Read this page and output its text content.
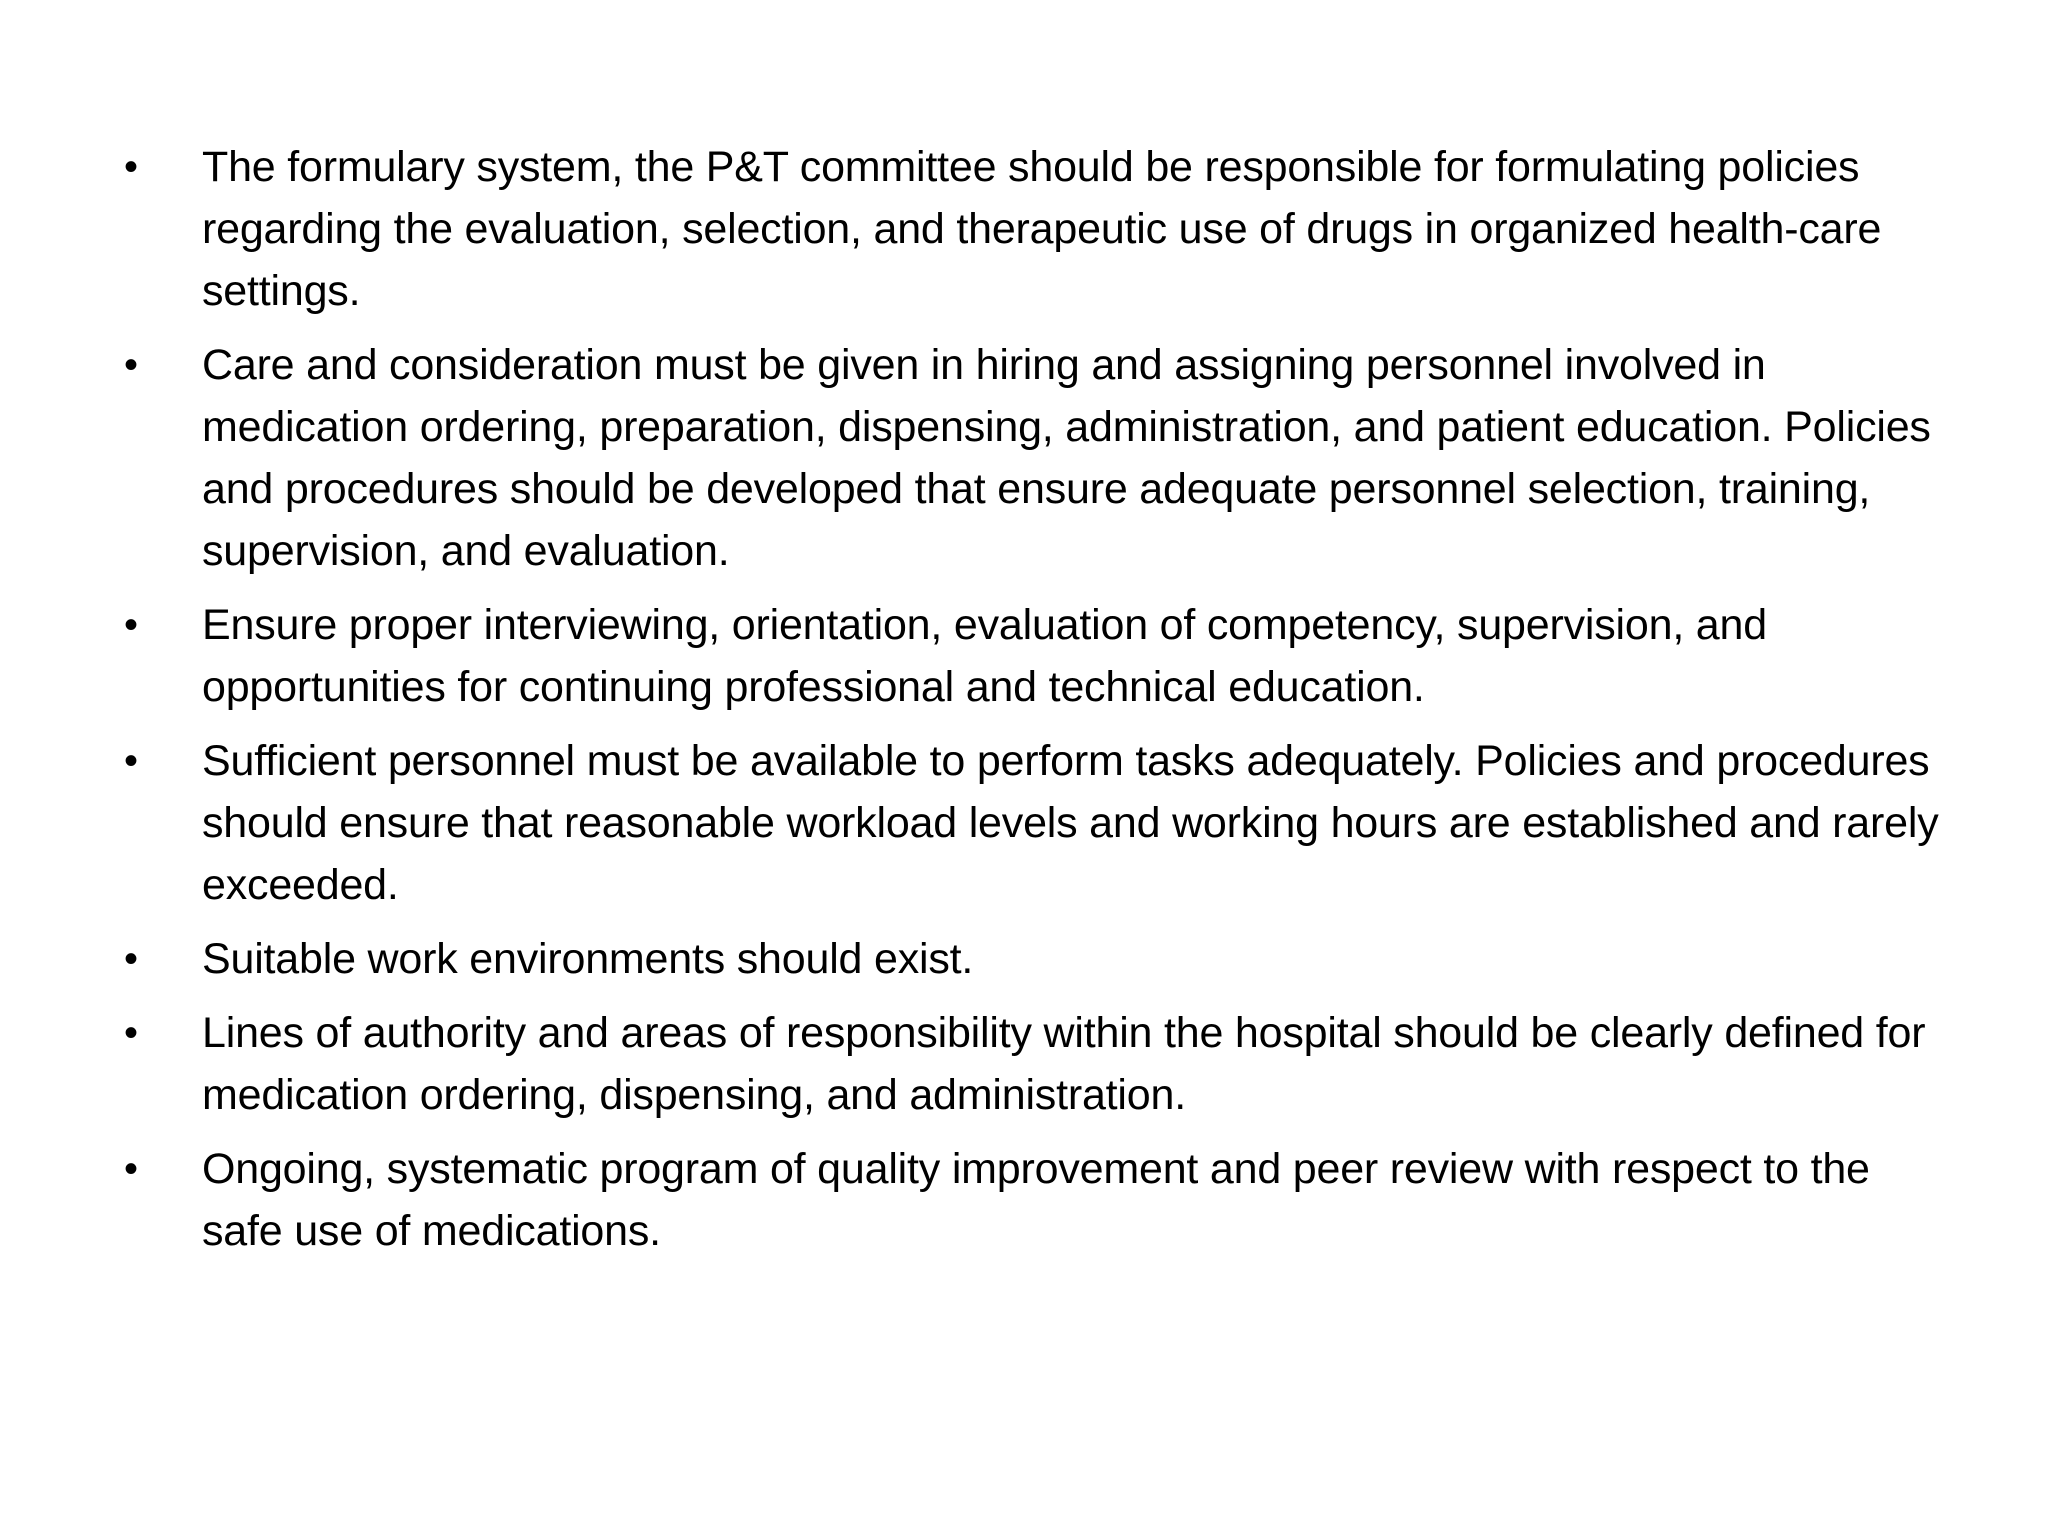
•	The formulary system, the P&T committee should be responsible for formulating policies regarding the evaluation, selection, and therapeutic use of drugs in organized health-care settings.
•	Care and consideration must be given in hiring and assigning personnel involved in medication ordering, preparation, dispensing, administration, and patient education. Policies and procedures should be developed that ensure adequate personnel selection, training, supervision, and evaluation.
•	Ensure proper interviewing, orientation, evaluation of competency, supervision, and opportunities for continuing professional and technical education.
•	Sufficient personnel must be available to perform tasks adequately. Policies and procedures should ensure that reasonable workload levels and working hours are established and rarely exceeded.
•	Suitable work environments should exist.
•	Lines of authority and areas of responsibility within the hospital should be clearly defined for medication ordering, dispensing, and administration.
•	Ongoing, systematic program of quality improvement and peer review with respect to the safe use of medications.
